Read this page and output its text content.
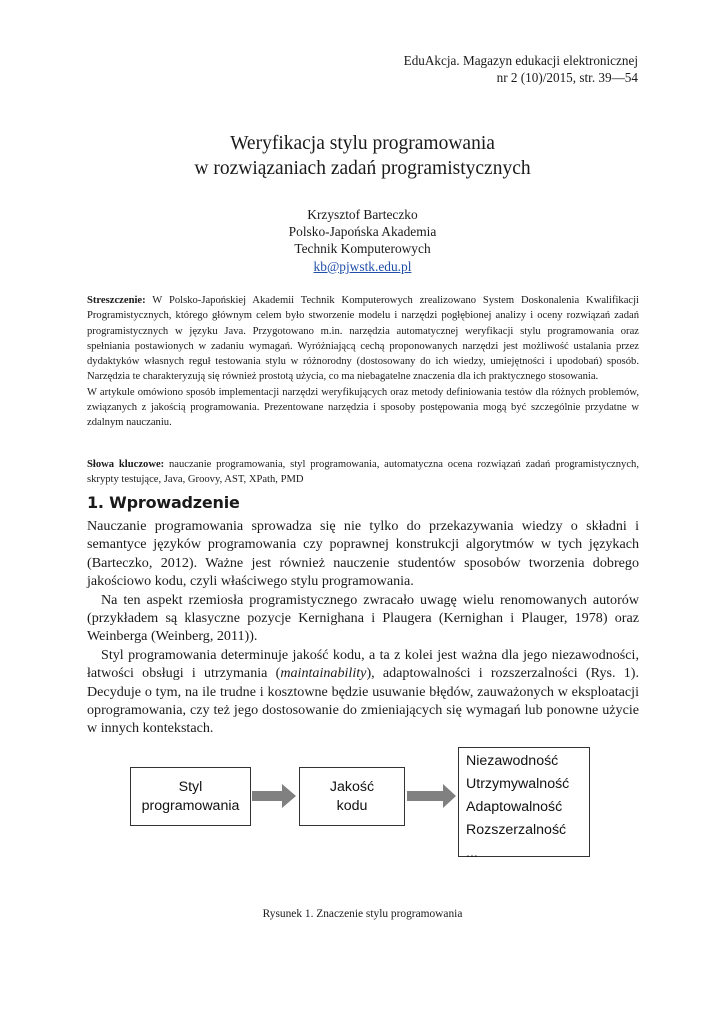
EduAkcja. Magazyn edukacji elektronicznej
nr 2 (10)/2015, str. 39—54
Weryfikacja stylu programowania
w rozwiązaniach zadań programistycznych
Krzysztof Barteczko
Polsko-Japońska Akademia
Technik Komputerowych
kb@pjwstk.edu.pl

Streszczenie: W Polsko-Japońskiej Akademii Technik Komputerowych zrealizowano System Doskonalenia Kwalifikacji Programistycznych, którego głównym celem było stworzenie modelu i narzędzi pogłębionej analizy i oceny rozwiązań zadań programistycznych w języku Java. Przygotowano m.in. narzędzia automatycznej weryfikacji stylu programowania oraz spełniania postawionych w zadaniu wymagań. Wyróżniającą cechą proponowanych narzędzi jest możliwość ustalania przez dydaktyków własnych reguł testowania stylu w różnorodny (dostosowany do ich wiedzy, umiejętności i upodobań) sposób. Narzędzia te charakteryzują się również prostotą użycia, co ma niebagatelne znaczenia dla ich praktycznego stosowania.

W artykule omówiono sposób implementacji narzędzi weryfikujących oraz metody definiowania testów dla różnych problemów, związanych z jakością programowania. Prezentowane narzędzia i sposoby postępowania mogą być szczególnie przydatne w zdalnym nauczaniu.

Słowa kluczowe: nauczanie programowania, styl programowania, automatyczna ocena rozwiązań zadań programistycznych, skrypty testujące, Java, Groovy, AST, XPath, PMD

1. Wprowadzenie

Nauczanie programowania sprowadza się nie tylko do przekazywania wiedzy o składni i semantyce języków programowania czy poprawnej konstrukcji algorytmów w tych językach (Barteczko, 2012). Ważne jest również nauczenie studentów sposobów tworzenia dobrego jakościowo kodu, czyli właściwego stylu programowania.

Na ten aspekt rzemiosła programistycznego zwracało uwagę wielu renomowanych autorów (przykładem są klasyczne pozycje Kernighana i Plaugera (Kernighan i Plauger, 1978) oraz Weinberga (Weinberg, 2011)).

Styl programowania determinuje jakość kodu, a ta z kolei jest ważna dla jego niezawodności, łatwości obsługi i utrzymania (maintainability), adaptowalności i rozszerzalności (Rys. 1). Decyduje o tym, na ile trudne i kosztowne będzie usuwanie błędów, zauważonych w eksploatacji oprogramowania, czy też jego dostosowanie do zmieniających się wymagań lub ponowne użycie w innych kontekstach.

Styl
programowania
Jakość
kodu
Niezawodność
Utrzymywalność
Adaptowalność
Rozszerzalność
...
Rysunek 1. Znaczenie stylu programowania
